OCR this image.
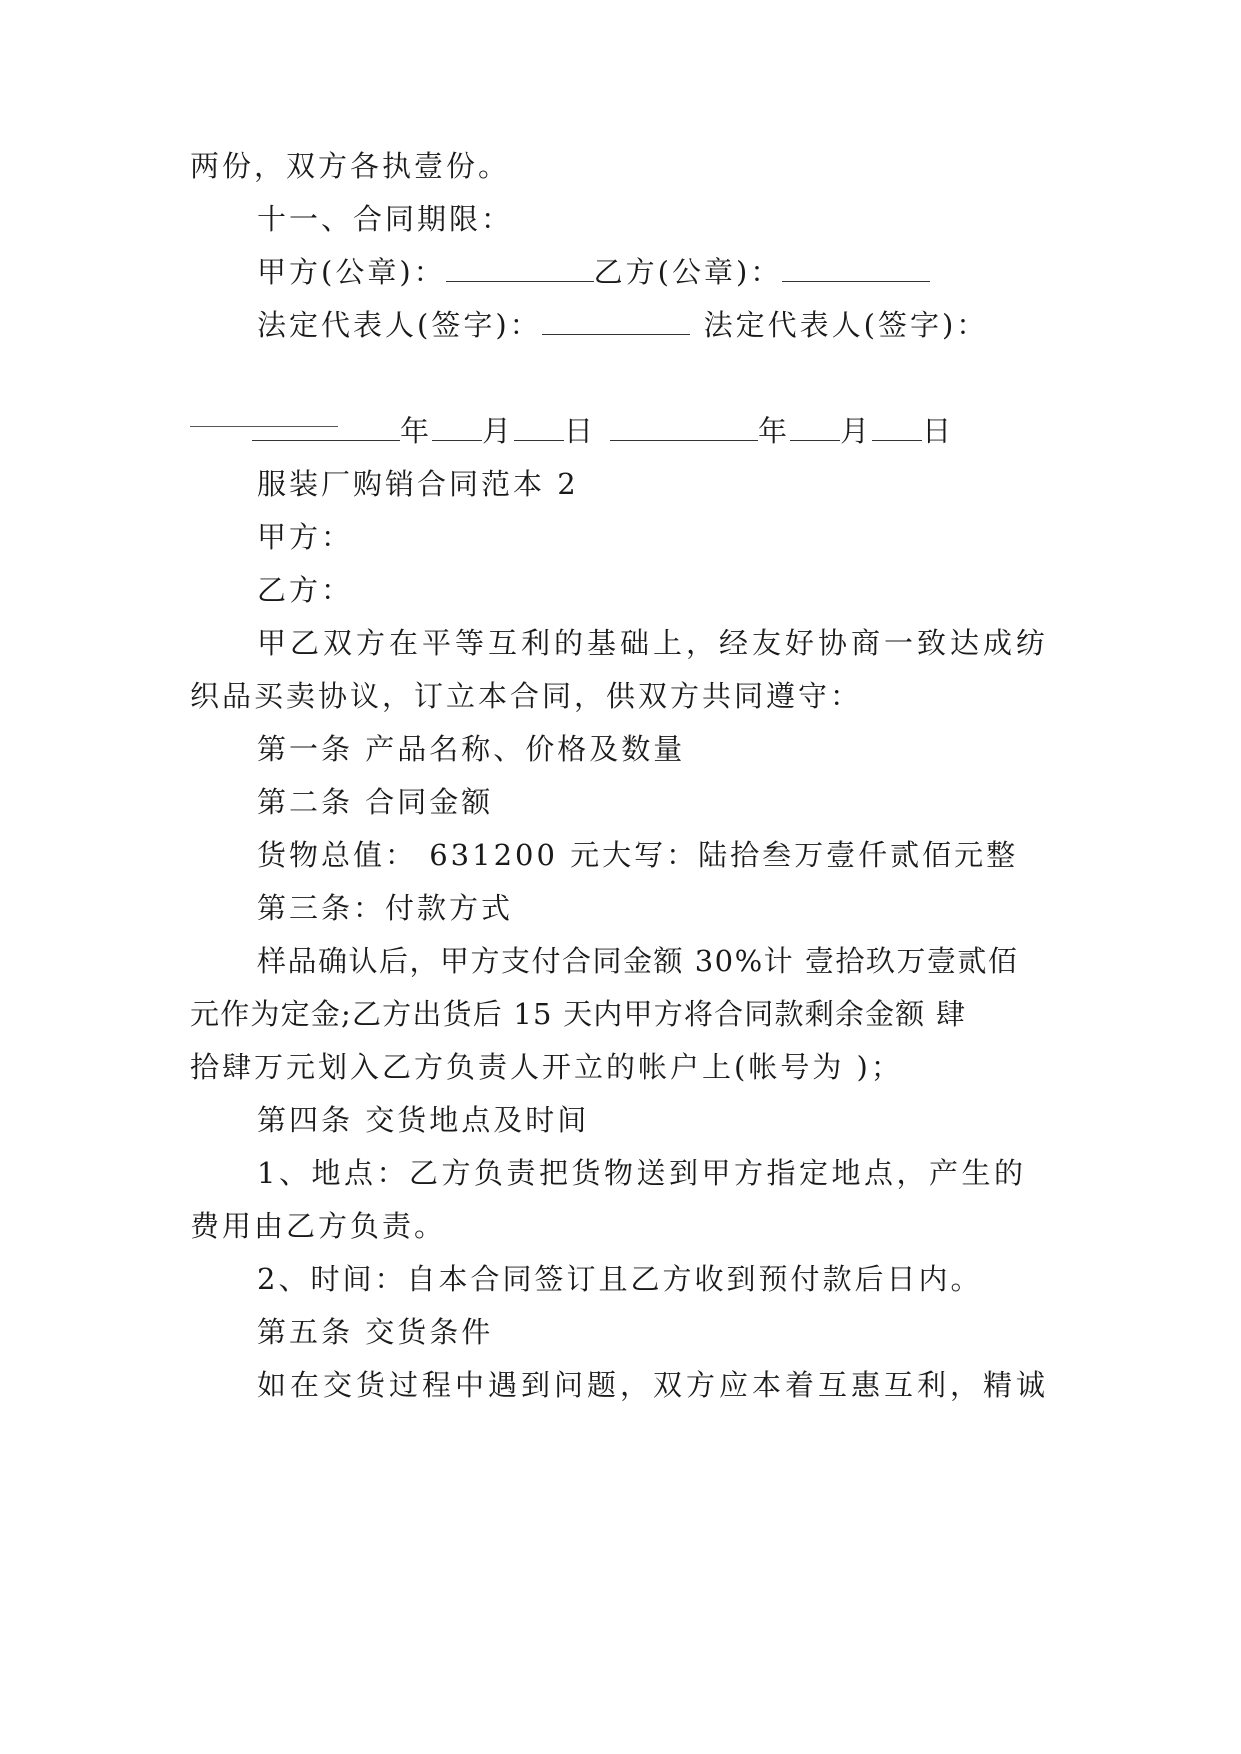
两份，双方各执壹份。
十一、合同期限：
甲方(公章)：	乙方(公章)：
法定代表人(签字)：	法定代表人(签字)：
年 月 日	年 月 日
服装厂购销合同范本 2
甲方：
乙方：
甲乙双方在平等互利的基础上，经友好协商一致达成纺
织品买卖协议，订立本合同，供双方共同遵守：
第一条 产品名称、价格及数量
第二条 合同金额
货物总值： 631200 元大写：陆拾叁万壹仟贰佰元整
第三条：付款方式
样品确认后，甲方支付合同金额 30%计 壹拾玖万壹贰佰
元作为定金;乙方出货后 15 天内甲方将合同款剩余金额 肆
拾肆万元划入乙方负责人开立的帐户上(帐号为 )；
第四条 交货地点及时间
1、地点：乙方负责把货物送到甲方指定地点，产生的
费用由乙方负责。
2、时间：自本合同签订且乙方收到预付款后日内。
第五条 交货条件
如在交货过程中遇到问题，双方应本着互惠互利，精诚
